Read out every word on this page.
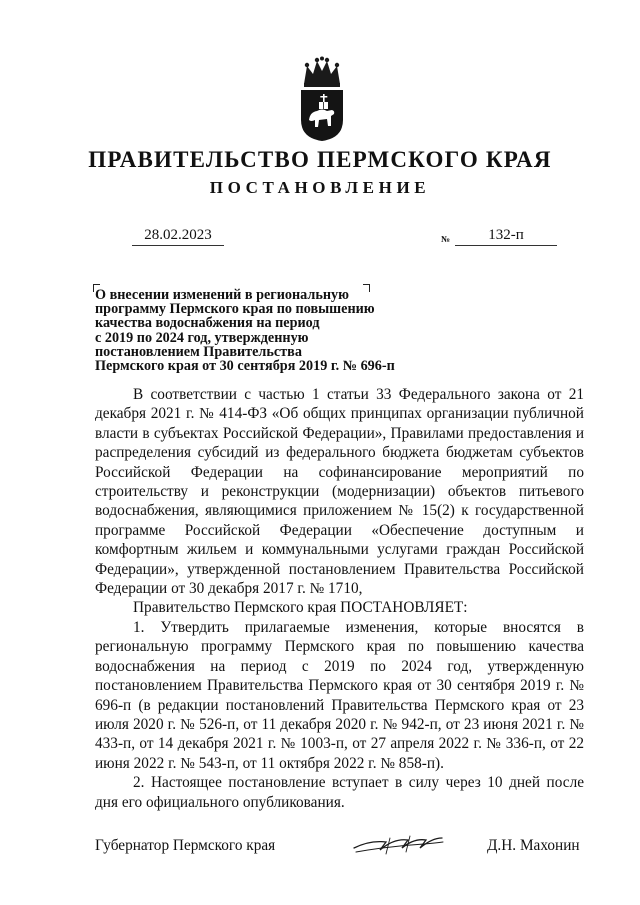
ПРАВИТЕЛЬСТВО ПЕРМСКОГО КРАЯ
ПОСТАНОВЛЕНИЕ
28.02.2023	№	132-п
О внесении изменений в региональную
программу Пермского края по повышению
качества водоснабжения на период
с 2019 по 2024 год, утвержденную
постановлением Правительства
Пермского края от 30 сентября 2019 г. № 696-п

В соответствии с частью 1 статьи 33 Федерального закона от 21 декабря 2021 г. № 414-ФЗ «Об общих принципах организации публичной власти в субъектах Российской Федерации», Правилами предоставления и распределения субсидий из федерального бюджета бюджетам субъектов Российской Федерации на софинансирование мероприятий по строительству и реконструкции (модернизации) объектов питьевого водоснабжения, являющимися приложением № 15(2) к государственной программе Российской Федерации «Обеспечение доступным и комфортным жильем и коммунальными услугами граждан Российской Федерации», утвержденной постановлением Правительства Российской Федерации от 30 декабря 2017 г. № 1710,

Правительство Пермского края ПОСТАНОВЛЯЕТ:

1. Утвердить прилагаемые изменения, которые вносятся в региональную программу Пермского края по повышению качества водоснабжения на период с 2019 по 2024 год, утвержденную постановлением Правительства Пермского края от 30 сентября 2019 г. № 696-п (в редакции постановлений Правительства Пермского края от 23 июля 2020 г. № 526-п, от 11 декабря 2020 г. № 942-п, от 23 июня 2021 г. № 433-п, от 14 декабря 2021 г. № 1003-п, от 27 апреля 2022 г. № 336-п, от 22 июня 2022 г. № 543-п, от 11 октября 2022 г. № 858-п).

2. Настоящее постановление вступает в силу через 10 дней после дня его официального опубликования.

Губернатор Пермского края	Д.Н. Махонин
